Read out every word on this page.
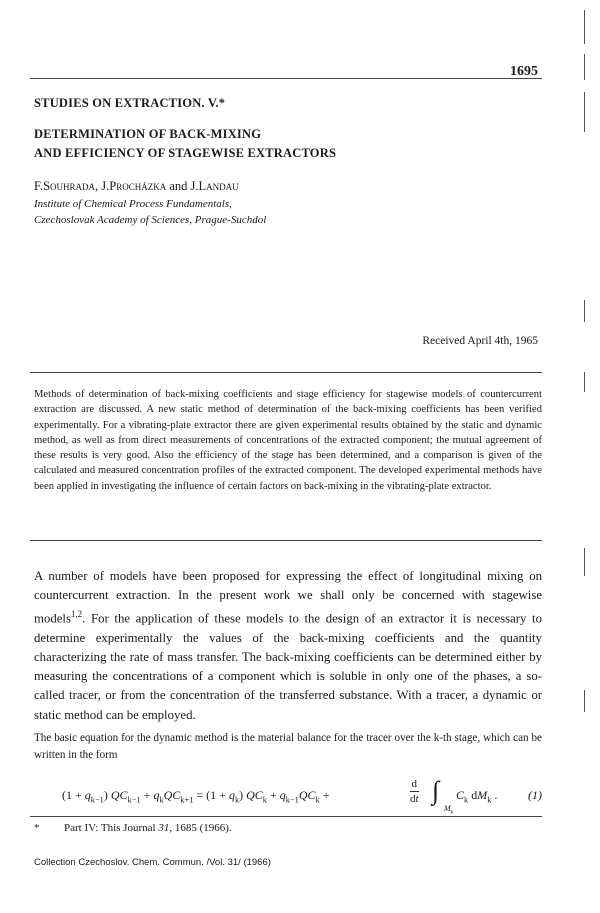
1695
STUDIES ON EXTRACTION. V.*
DETERMINATION OF BACK-MIXING
AND EFFICIENCY OF STAGEWISE EXTRACTORS
F.Souhrada, J.Procházka and J.Landau
Institute of Chemical Process Fundamentals,
Czechoslovak Academy of Sciences, Prague-Suchdol
Received April 4th, 1965
Methods of determination of back-mixing coefficients and stage efficiency for stagewise models of countercurrent extraction are discussed. A new static method of determination of the back-mixing coefficients has been verified experimentally. For a vibrating-plate extractor there are given experimental results obtained by the static and dynamic method, as well as from direct measurements of concentrations of the extracted component; the mutual agreement of these results is very good. Also the efficiency of the stage has been determined, and a comparison is given of the calculated and measured concentration profiles of the extracted component. The developed experimental methods have been applied in investigating the influence of certain factors on back-mixing in the vibrating-plate extractor.
A number of models have been proposed for expressing the effect of longitudinal mixing on countercurrent extraction. In the present work we shall only be concerned with stagewise models$^{1,2}$. For the application of these models to the design of an extractor it is necessary to determine experimentally the values of the back-mixing coefficients and the quantity characterizing the rate of mass transfer. The back-mixing coefficients can be determined either by measuring the concentrations of a component which is soluble in only one of the phases, a so-called tracer, or from the concentration of the transferred substance. With a tracer, a dynamic or static method can be employed.
The basic equation for the dynamic method is the material balance for the tracer over the k-th stage, which can be written in the form
$(1 + q_{k-1})$ $QC_{k-1} + q_kQC_{k+1} = (1 + q_k) QC_k + q_{k-1}QC_k$ +
d
dt ∫
$M_k$
$C_k$ $dM_k$ .	(1)
* Part IV: This Journal 31, 1685 (1966).
Collection Czechoslov. Chem. Commun. /Vol. 31/ (1966)
